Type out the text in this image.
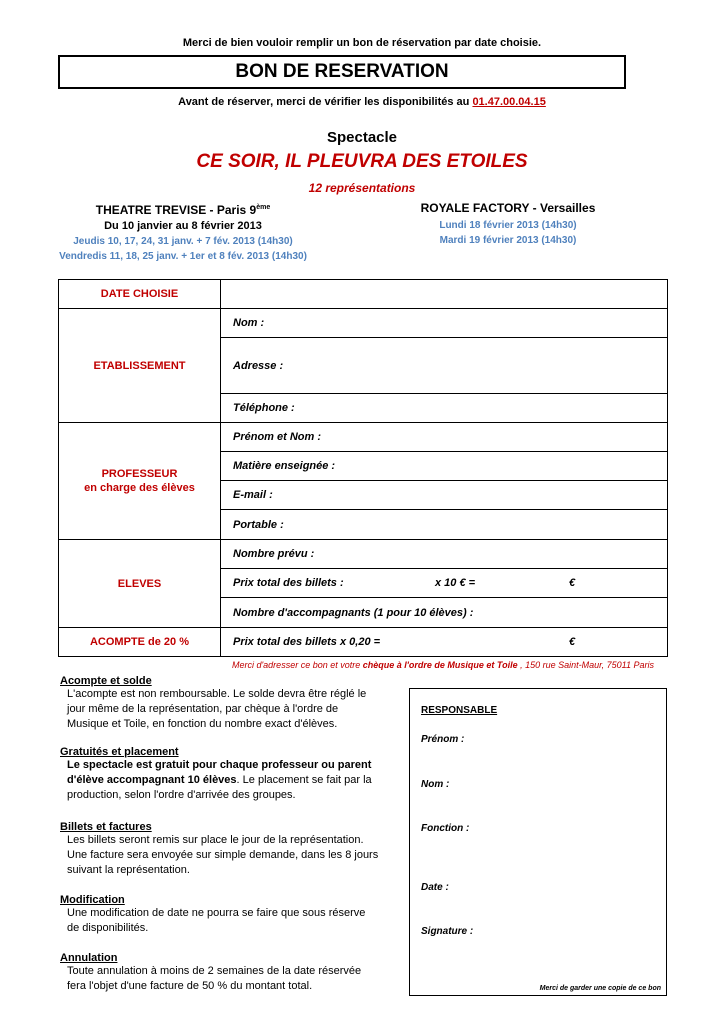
Merci de bien vouloir remplir un bon de réservation par date choisie.
BON DE RESERVATION
Avant de réserver, merci de vérifier les disponibilités au 01.47.00.04.15
Spectacle
CE SOIR, IL PLEUVRA DES ETOILES
12 représentations
THEATRE TREVISE - Paris 9ème
Du 10 janvier au 8 février 2013
Jeudis 10, 17, 24, 31 janv. + 7 fév. 2013 (14h30)
Vendredis 11, 18, 25 janv. + 1er et 8 fév. 2013 (14h30)
ROYALE FACTORY - Versailles
Lundi 18 février 2013 (14h30)
Mardi 19 février 2013 (14h30)
DATE CHOISIE	
ETABLISSEMENT	Nom :
	Adresse :
	Téléphone :

PROFESSEUR
en charge des élèves	Prénom et Nom :
	Matière enseignée :
	E-mail :
	Portable :
ELEVES	Nombre prévu :
	Prix total des billets : x 10 € = €

	Nombre d'accompagnants (1 pour 10 élèves) :
ACOMPTE de 20 %	Prix total des billets x 0,20 = €
Merci d'adresser ce bon et votre chèque à l'ordre de Musique et Toile , 150 rue Saint-Maur, 75011 Paris
Acompte et solde
L'acompte est non remboursable. Le solde devra être réglé le jour même de la représentation, par chèque à l'ordre de Musique et Toile, en fonction du nombre exact d'élèves.
Gratuités et placement
Le spectacle est gratuit pour chaque professeur ou parent d'élève accompagnant 10 élèves. Le placement se fait par la production, selon l'ordre d'arrivée des groupes.
Billets et factures
Les billets seront remis sur place le jour de la représentation. Une facture sera envoyée sur simple demande, dans les 8 jours suivant la représentation.
Modification
Une modification de date ne pourra se faire que sous réserve de disponibilités.
Annulation
Toute annulation à moins de 2 semaines de la date réservée fera l'objet d'une facture de 50 % du montant total.
RESPONSABLE
Prénom :
Nom :
Fonction :
Date :
Signature :
Merci de garder une copie de ce bon
